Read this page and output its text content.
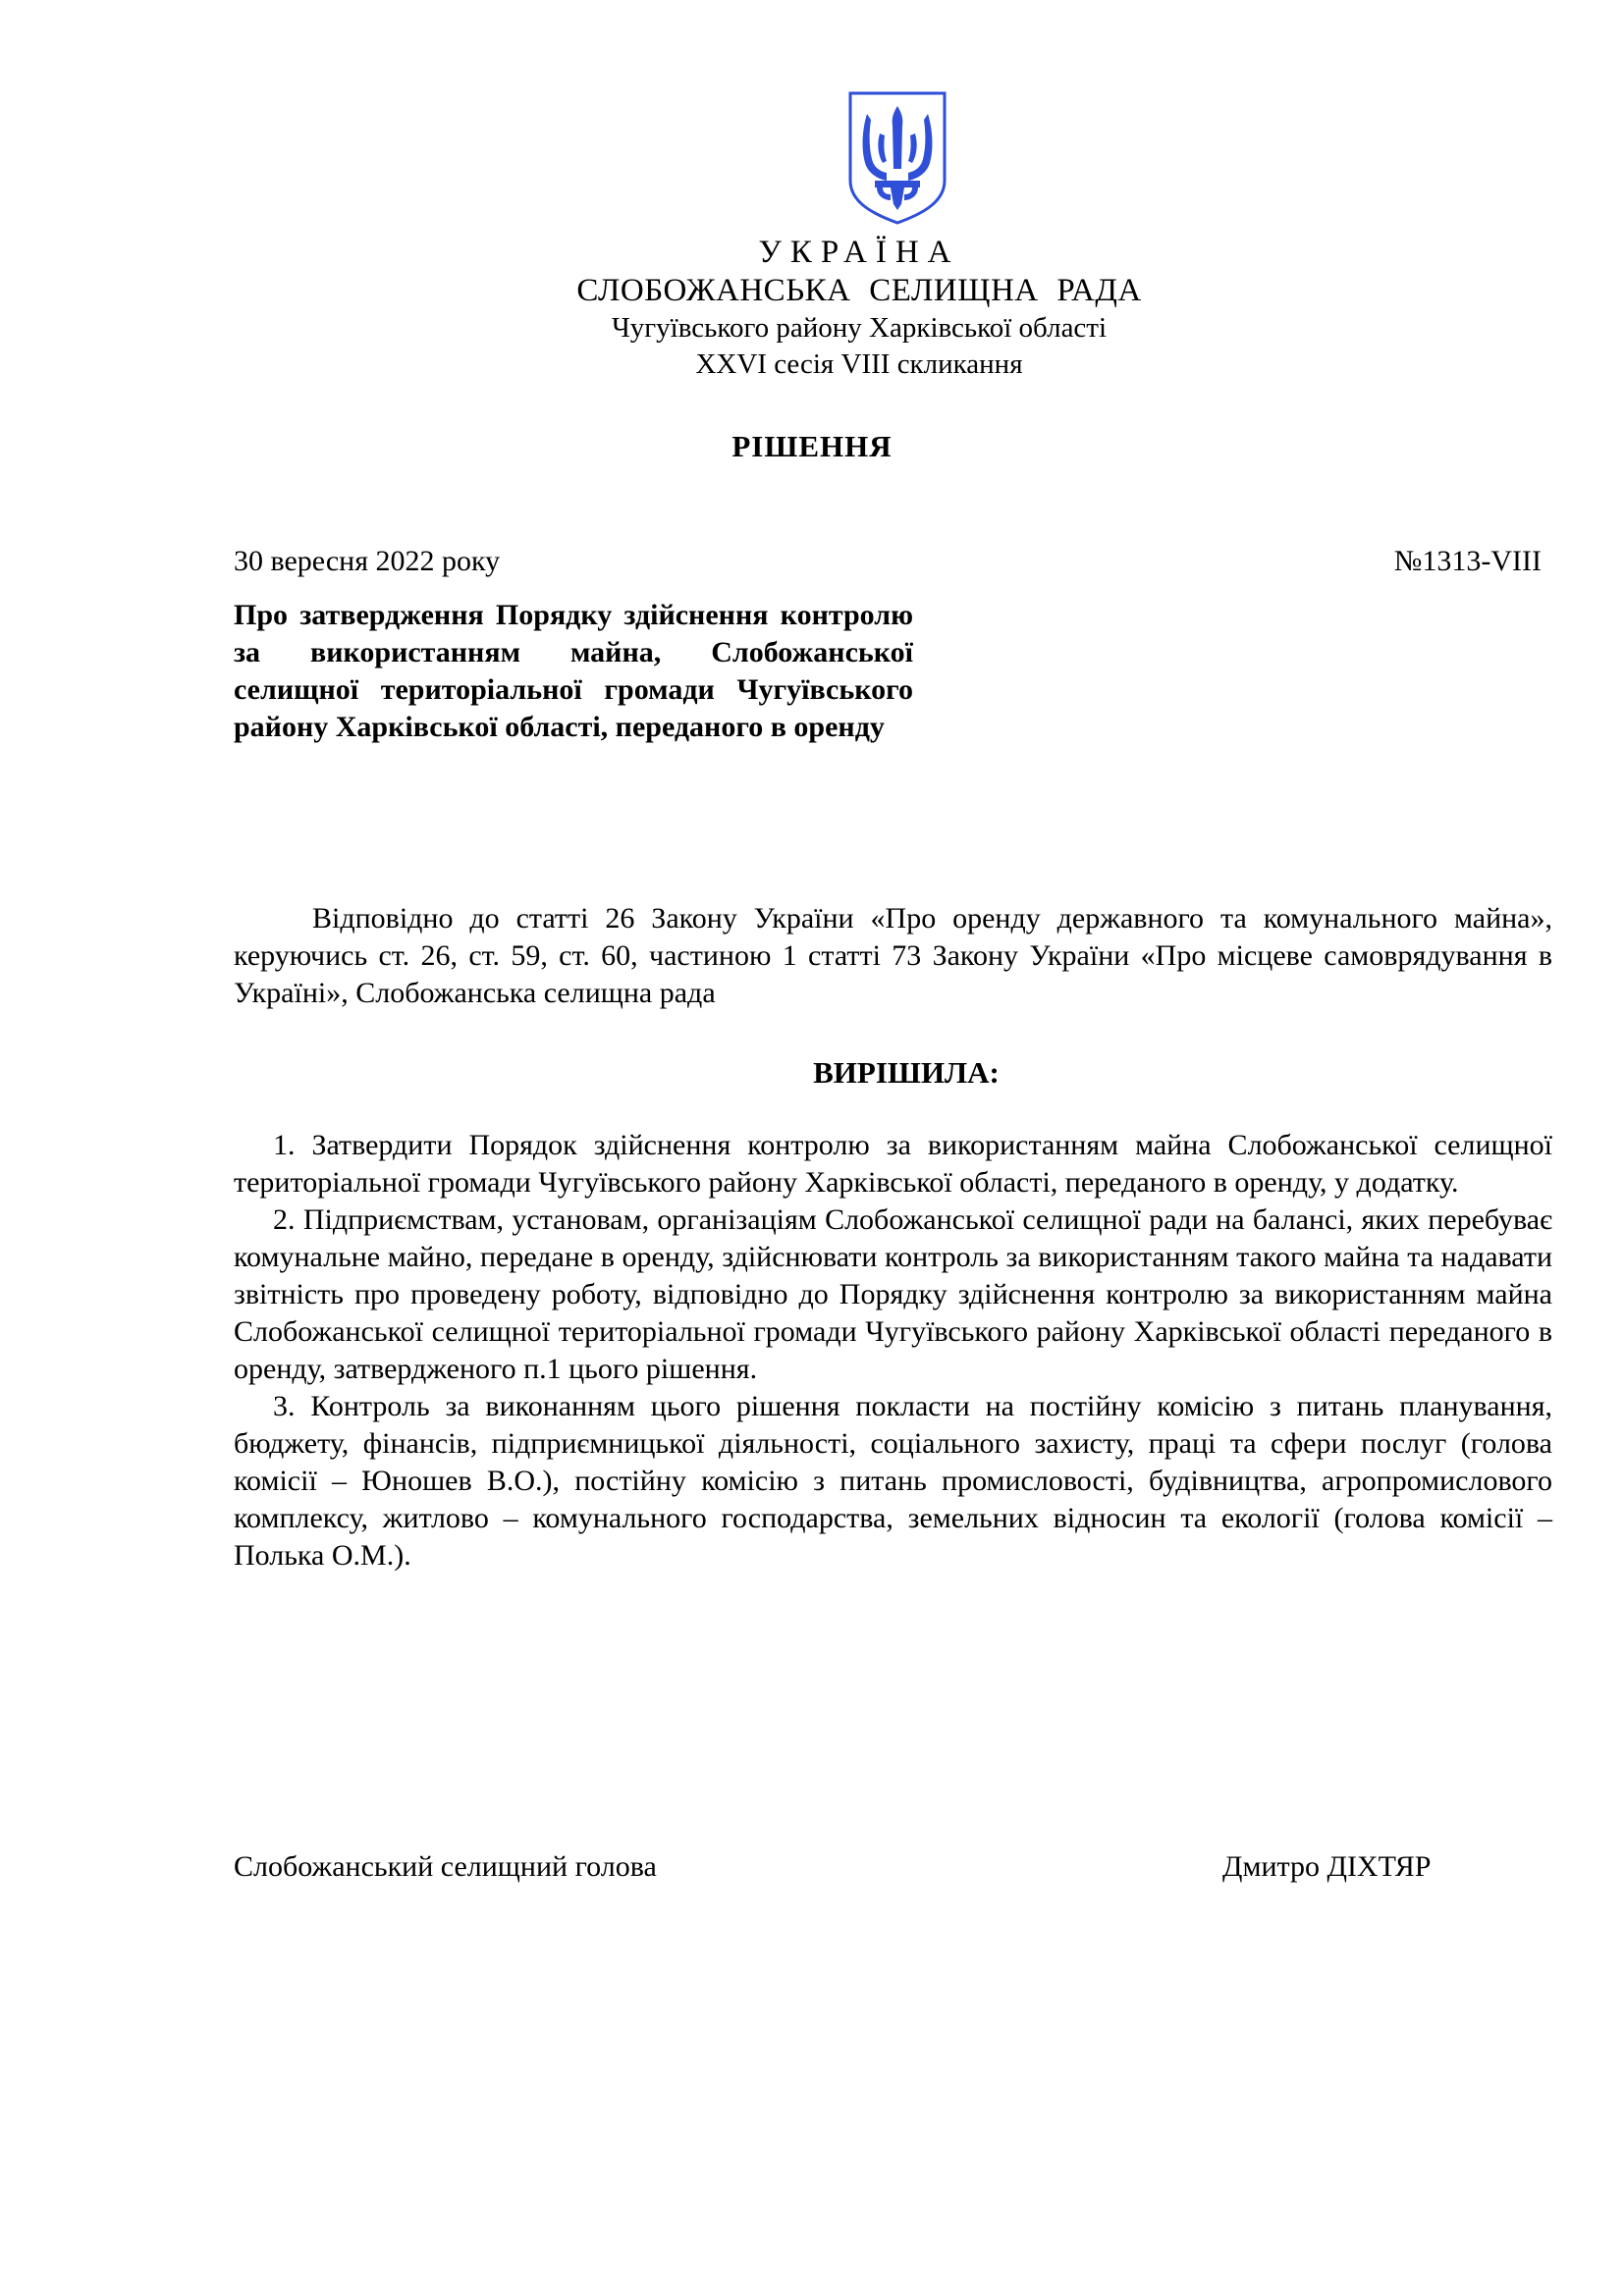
УКРАЇНА
СЛОБОЖАНСЬКА СЕЛИЩНА РАДА
Чугуївського району Харківської області
XXVI сесія VIII скликання
РІШЕННЯ
30 вересня 2022 року	№1313-VIII
Про затвердження Порядку здійснення контролю за використанням майна, Слобожанської селищної територіальної громади Чугуївського району Харківської області, переданого в оренду
Відповідно до статті 26 Закону України «Про оренду державного та комунального майна», керуючись ст. 26, ст. 59, ст. 60, частиною 1 статті 73 Закону України «Про місцеве самоврядування в Україні», Слобожанська селищна рада
ВИРІШИЛА:

1. Затвердити Порядок здійснення контролю за використанням майна Слобожанської селищної територіальної громади Чугуївського району Харківської області, переданого в оренду, у додатку.

2. Підприємствам, установам, організаціям Слобожанської селищної ради на балансі, яких перебуває комунальне майно, передане в оренду, здійснювати контроль за використанням такого майна та надавати звітність про проведену роботу, відповідно до Порядку здійснення контролю за використанням майна Слобожанської селищної територіальної громади Чугуївського району Харківської області переданого в оренду, затвердженого п.1 цього рішення.

3. Контроль за виконанням цього рішення покласти на постійну комісію з питань планування, бюджету, фінансів, підприємницької діяльності, соціального захисту, праці та сфери послуг (голова комісії – Юношев В.О.), постійну комісію з питань промисловості, будівництва, агропромислового комплексу, житлово – комунального господарства, земельних відносин та екології (голова комісії – Полька О.М.).

Слобожанський селищний голова	Дмитро ДІХТЯР
